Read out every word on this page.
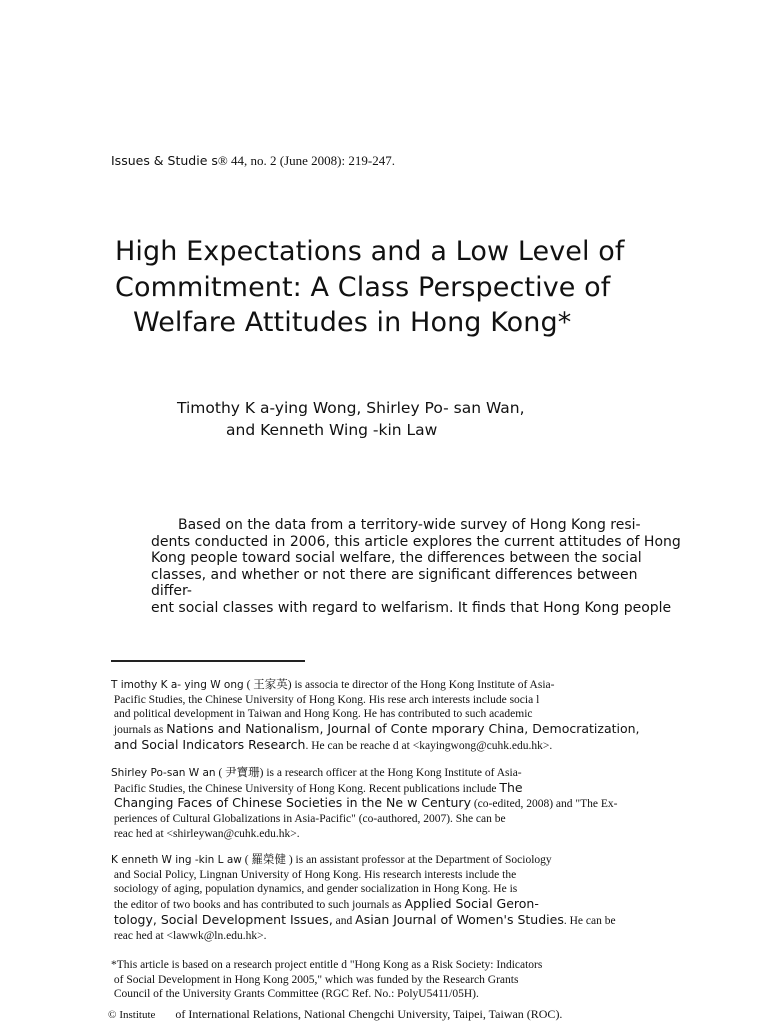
Issues & Studie s® 44, no. 2 (June 2008): 219-247.
High Expectations and a Low Level of
Commitment: A Class Perspective of
Welfare Attitudes in Hong Kong*
Timothy K a-ying Wong, Shirley Po- san Wan,
and Kenneth Wing -kin Law
Based on the data from a territory-wide survey of Hong Kong resi-
dents conducted in 2006, this article explores the current attitudes of Hong
Kong people toward social welfare, the differences between the social
classes, and whether or not there are significant differences between
differ-
ent social classes with regard to welfarism. It finds that Hong Kong people
T imothy K a- ying W ong ( 王家英) is associa te director of the Hong Kong Institute of Asia-
Pacific Studies, the Chinese University of Hong Kong. His rese arch interests include socia l
and political development in Taiwan and Hong Kong. He has contributed to such academic
journals as Nations and Nationalism, Journal of Conte mporary China, Democratization,
and Social Indicators Research. He can be reache d at <kayingwong@cuhk.edu.hk>.
Shirley Po-san W an ( 尹寶珊) is a research officer at the Hong Kong Institute of Asia-
Pacific Studies, the Chinese University of Hong Kong. Recent publications include The
Changing Faces of Chinese Societies in the Ne w Century (co-edited, 2008) and "The Ex-
periences of Cultural Globalizations in Asia-Pacific" (co-authored, 2007). She can be
reac hed at <shirleywan@cuhk.edu.hk>.
K enneth W ing -kin L aw ( 羅榮健 ) is an assistant professor at the Department of Sociology
and Social Policy, Lingnan University of Hong Kong. His research interests include the
sociology of aging, population dynamics, and gender socialization in Hong Kong. He is
the editor of two books and has contributed to such journals as Applied Social Geron-
tology, Social Development Issues, and Asian Journal of Women's Studies. He can be
reac hed at <lawwk@ln.edu.hk>.
*This article is based on a research project entitle d "Hong Kong as a Risk Society: Indicators
of Social Development in Hong Kong 2005," which was funded by the Research Grants
Council of the University Grants Committee (RGC Ref. No.: PolyU5411/05H).
© Institute of International Relations, National Chengchi University, Taipei, Taiwan (ROC).
